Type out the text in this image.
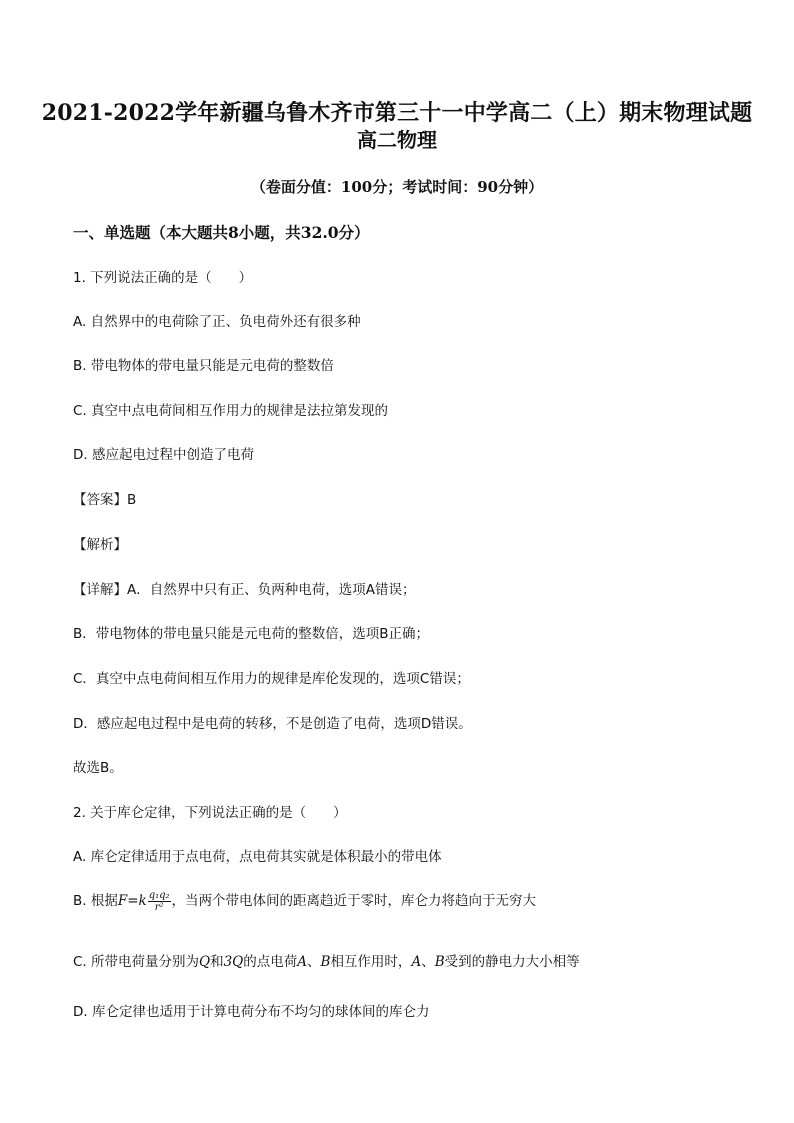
2021-2022学年新疆乌鲁木齐市第三十一中学高二（上）期末物理试题
高二物理
（卷面分值：100分；考试时间：90分钟）
一、单选题（本大题共8小题，共32.0分）
1. 下列说法正确的是（　　）
A. 自然界中的电荷除了正、负电荷外还有很多种
B. 带电物体的带电量只能是元电荷的整数倍
C. 真空中点电荷间相互作用力的规律是法拉第发现的
D. 感应起电过程中创造了电荷
【答案】B
【解析】
【详解】A．自然界中只有正、负两种电荷，选项A错误；
B．带电物体的带电量只能是元电荷的整数倍，选项B正确；
C．真空中点电荷间相互作用力的规律是库伦发现的，选项C错误；
D．感应起电过程中是电荷的转移，不是创造了电荷，选项D错误。
故选B。
2. 关于库仑定律，下列说法正确的是（　　）
A. 库仑定律适用于点电荷，点电荷其实就是体积最小的带电体
B. 根据$F=k \frac{\text{q₁q₂}}{\text{r²}}$ ，当两个带电体间的距离趋近于零时，库仑力将趋向于无穷大
C. 所带电荷量分别为Q和3Q的点电荷A、B相互作用时，A、B受到的静电力大小相等
D. 库仑定律也适用于计算电荷分布不均匀的球体间的库仑力
